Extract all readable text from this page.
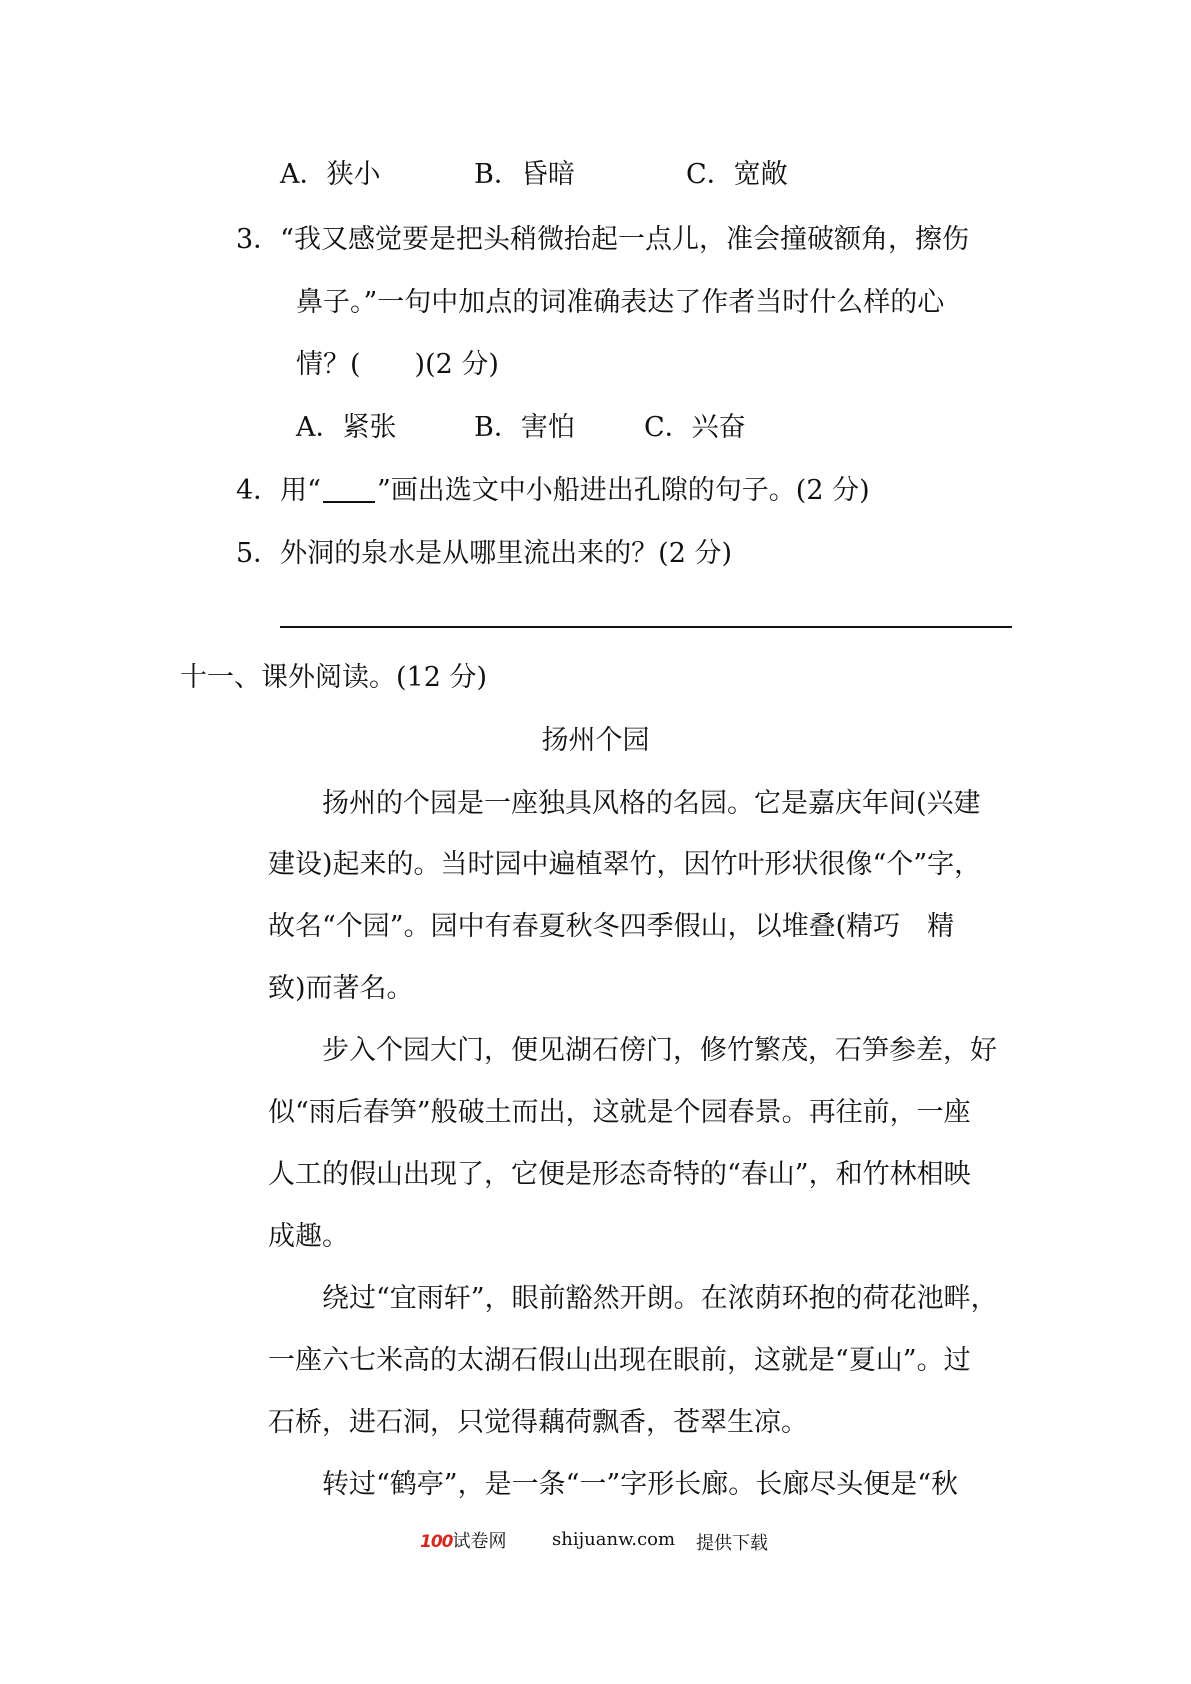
A．狭小	B．昏暗	C．宽敞
3．“我又感觉要是把头稍微抬起一点儿，准会撞破额角，擦伤
鼻子。”一句中加点的词准确表达了作者当时什么样的心
情？(　　)(2 分)
A．紧张	B．害怕	C．兴奋
4．用“ ”画出选文中小船进出孔隙的句子。(2 分)
5．外洞的泉水是从哪里流出来的？(2 分)
十一、课外阅读。(12 分)
扬州个园
　　扬州的个园是一座独具风格的名园。它是嘉庆年间(兴建
建设)起来的。当时园中遍植翠竹，因竹叶形状很像“个”字，
故名“个园”。园中有春夏秋冬四季假山，以堆叠(精巧　精
致)而著名。
　　步入个园大门，便见湖石傍门，修竹繁茂，石笋参差，好
似“雨后春笋”般破土而出，这就是个园春景。再往前，一座
人工的假山出现了，它便是形态奇特的“春山”，和竹林相映
成趣。
　　绕过“宜雨轩”，眼前豁然开朗。在浓荫环抱的荷花池畔，
一座六七米高的太湖石假山出现在眼前，这就是“夏山”。过
石桥，进石洞，只觉得藕荷飘香，苍翠生凉。
　　转过“鹤亭”，是一条“一”字形长廊。长廊尽头便是“秋
100试卷网	shijuanw.com 提供下载
